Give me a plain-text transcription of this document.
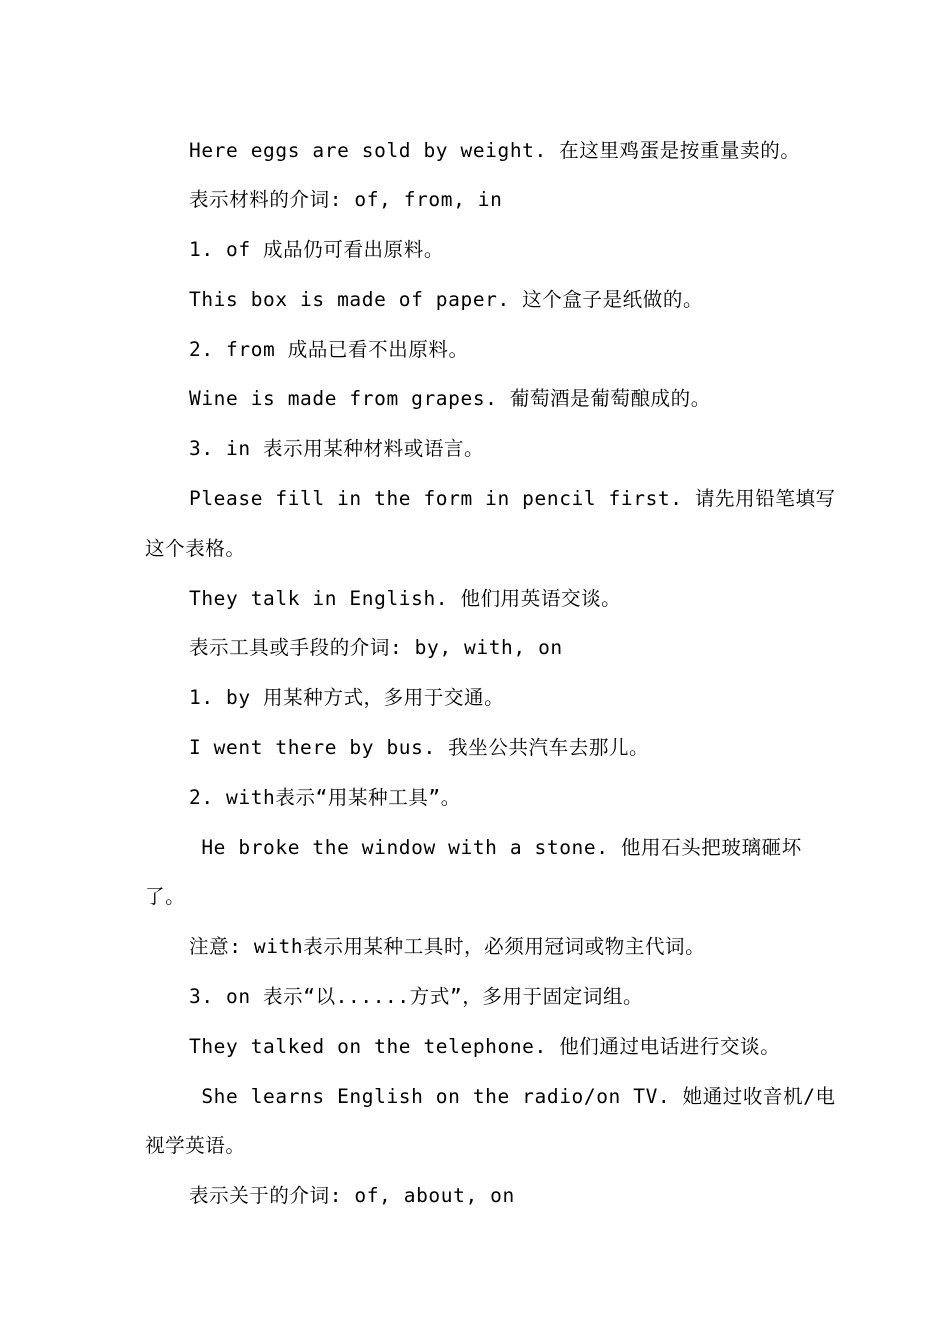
Here eggs are sold by weight. 在这里鸡蛋是按重量卖的。
表示材料的介词: of, from, in
1. of 成品仍可看出原料。
This box is made of paper. 这个盒子是纸做的。
2. from 成品已看不出原料。
Wine is made from grapes. 葡萄酒是葡萄酿成的。
3. in 表示用某种材料或语言。
Please fill in the form in pencil first. 请先用铅笔填写
这个表格。
They talk in English. 他们用英语交谈。
表示工具或手段的介词: by, with, on
1. by 用某种方式，多用于交通。
I went there by bus. 我坐公共汽车去那儿。
2. with表示“用某种工具”。
He broke the window with a stone. 他用石头把玻璃砸坏
了。
注意: with表示用某种工具时，必须用冠词或物主代词。
3. on 表示“以......方式”，多用于固定词组。
They talked on the telephone. 他们通过电话进行交谈。
She learns English on the radio/on TV. 她通过收音机/电
视学英语。
表示关于的介词: of, about, on
